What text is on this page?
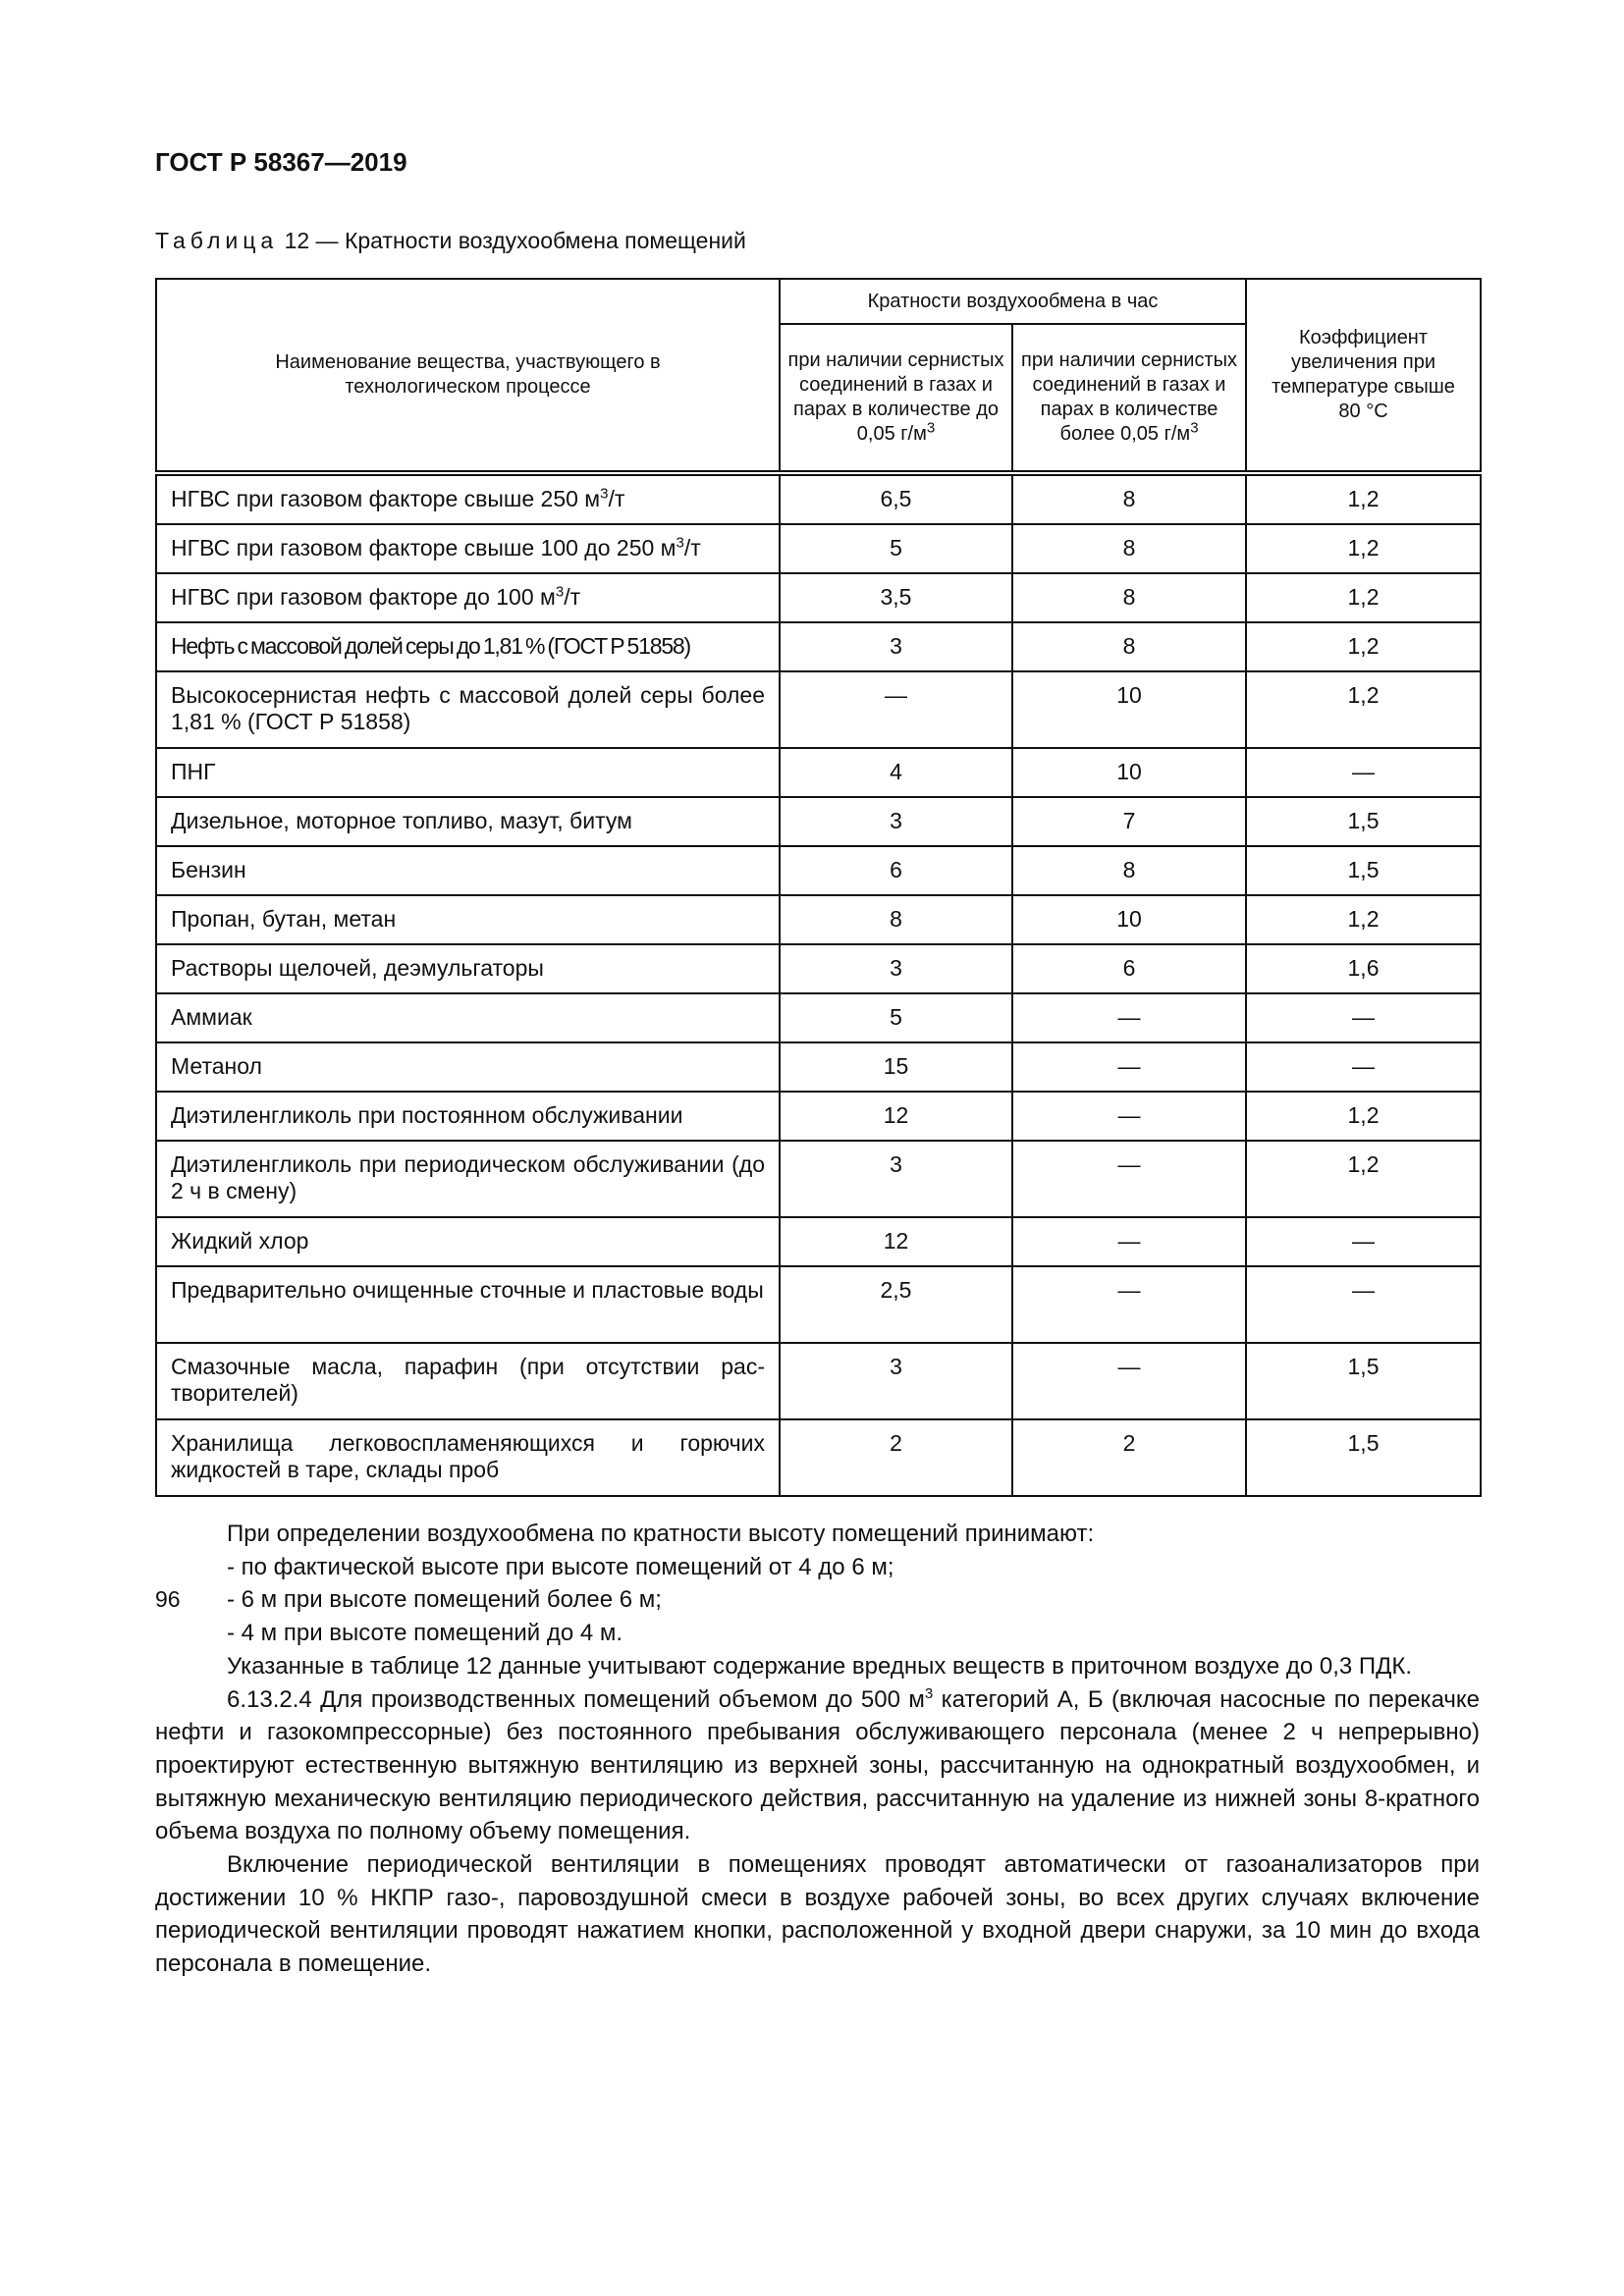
ГОСТ Р 58367—2019
Таблица 12 — Кратности воздухообмена помещений
Наименование вещества, участвующего в технологическом процессе	Кратности воздухообмена в час		Коэффициент увеличения при температуре свыше 80 °C
	при наличии сернистых соединений в газах и парах в количестве до 0,05 $г/м^3$	при наличии сернистых соединений в газах и парах в количестве более 0,05 $г/м^3$
НГВС при газовом факторе свыше 250 $м^3/т$	6,5	8	1,2
НГВС при газовом факторе свыше 100 до 250 $м^3/т$	5	8	1,2
НГВС при газовом факторе до 100 $м^3/т$	3,5	8	1,2
Нефть с массовой долей серы до 1,81 % (ГОСТ Р 51858)	3	8	1,2
Высокосернистая нефть с массовой долей серы более 1,81 % (ГОСТ Р 51858)	—	10	1,2
ПНГ	4	10	—
Дизельное, моторное топливо, мазут, битум	3	7	1,5
Бензин	6	8	1,5
Пропан, бутан, метан	8	10	1,2
Растворы щелочей, деэмульгаторы	3	6	1,6
Аммиак	5	—	—
Метанол	15	—	—
Диэтиленгликоль при постоянном обслуживании	12	—	1,2
Диэтиленгликоль при периодическом обслуживании (до 2 ч в смену)	3	—	1,2
Жидкий хлор	12	—	—
Предварительно очищенные сточные и пластовые воды	2,5	—	—
Смазочные масла, парафин (при отсутствии растворителей)	3	—	1,5
Хранилища легковоспламеняющихся и горючих жидкостей в таре, склады проб	2	2	1,5

При определении воздухообмена по кратности высоту помещений принимают:

- по фактической высоте при высоте помещений от 4 до 6 м;

- 6 м при высоте помещений более 6 м;

- 4 м при высоте помещений до 4 м.

Указанные в таблице 12 данные учитывают содержание вредных веществ в приточном воздухе до 0,3 ПДК.

6.13.2.4 Для производственных помещений объемом до 500 $м^3$ категорий А, Б (включая насосные по перекачке нефти и газокомпрессорные) без постоянного пребывания обслуживающего персонала (менее 2 ч непрерывно) проектируют естественную вытяжную вентиляцию из верхней зоны, рассчитанную на однократный воздухообмен, и вытяжную механическую вентиляцию периодического действия, рассчитанную на удаление из нижней зоны 8-кратного объема воздуха по полному объему помещения.

Включение периодической вентиляции в помещениях проводят автоматически от газоанализаторов при достижении 10 % НКПР газо-, паровоздушной смеси в воздухе рабочей зоны, во всех других случаях включение периодической вентиляции проводят нажатием кнопки, расположенной у входной двери снаружи, за 10 мин до входа персонала в помещение.

96
